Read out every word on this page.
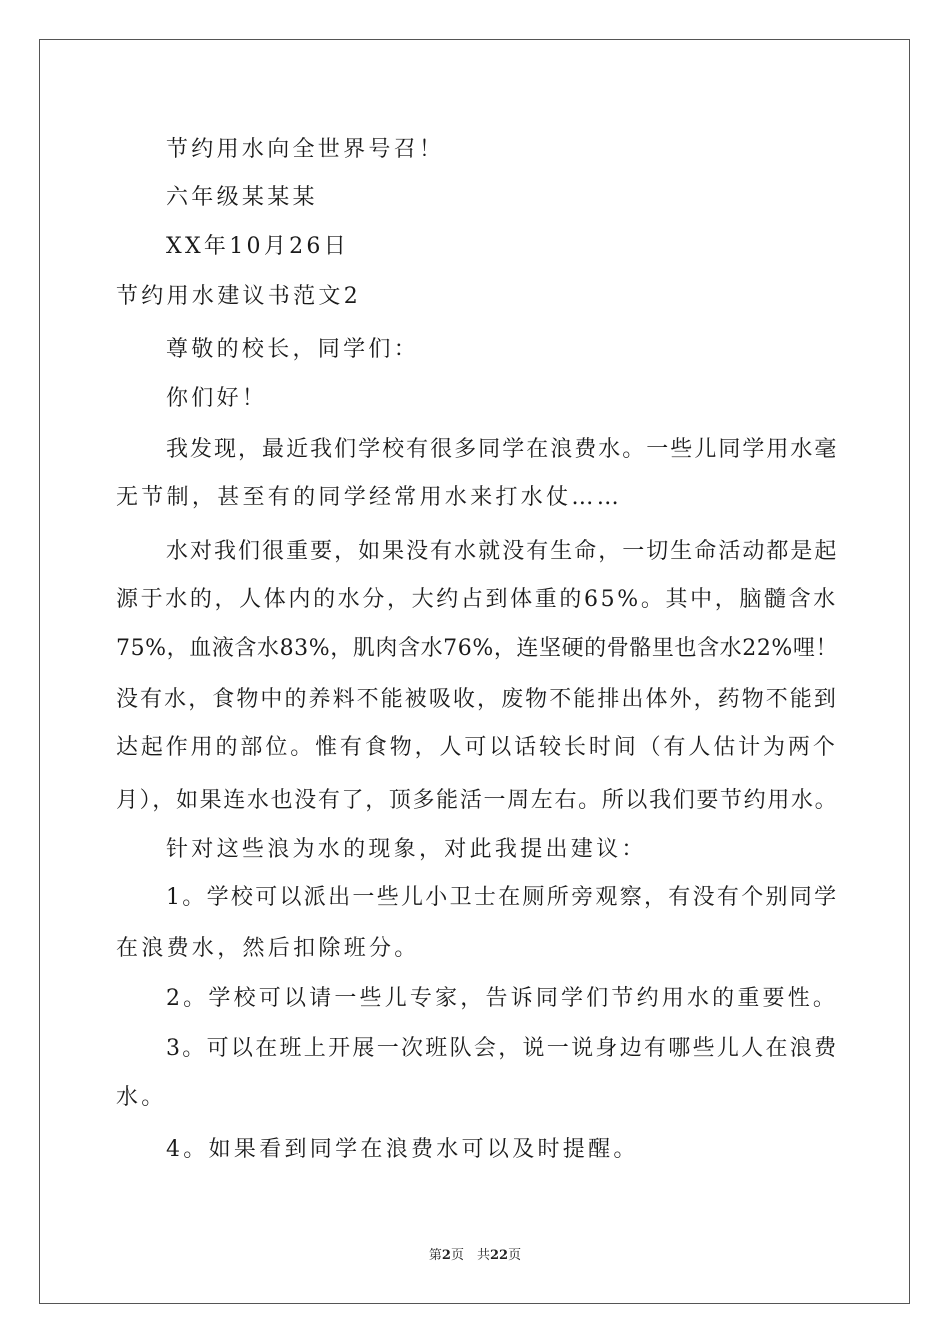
节约用水向全世界号召！
六年级某某某
XX年10月26日
节约用水建议书范文2
尊敬的校长，同学们：
你们好！
我发现，最近我们学校有很多同学在浪费水。一些儿同学用水毫
无节制，甚至有的同学经常用水来打水仗……
水对我们很重要，如果没有水就没有生命，一切生命活动都是起
源于水的，人体内的水分，大约占到体重的65%。其中，脑髓含水
75%，血液含水83%，肌肉含水76%，连坚硬的骨骼里也含水22%哩！
没有水，食物中的养料不能被吸收，废物不能排出体外，药物不能到
达起作用的部位。惟有食物，人可以话较长时间（有人估计为两个
月），如果连水也没有了，顶多能活一周左右。所以我们要节约用水。
针对这些浪为水的现象，对此我提出建议：
1。学校可以派出一些儿小卫士在厕所旁观察，有没有个别同学
在浪费水，然后扣除班分。
2。学校可以请一些儿专家，告诉同学们节约用水的重要性。
3。可以在班上开展一次班队会，说一说身边有哪些儿人在浪费
水。
4。如果看到同学在浪费水可以及时提醒。
第2页　共22页
